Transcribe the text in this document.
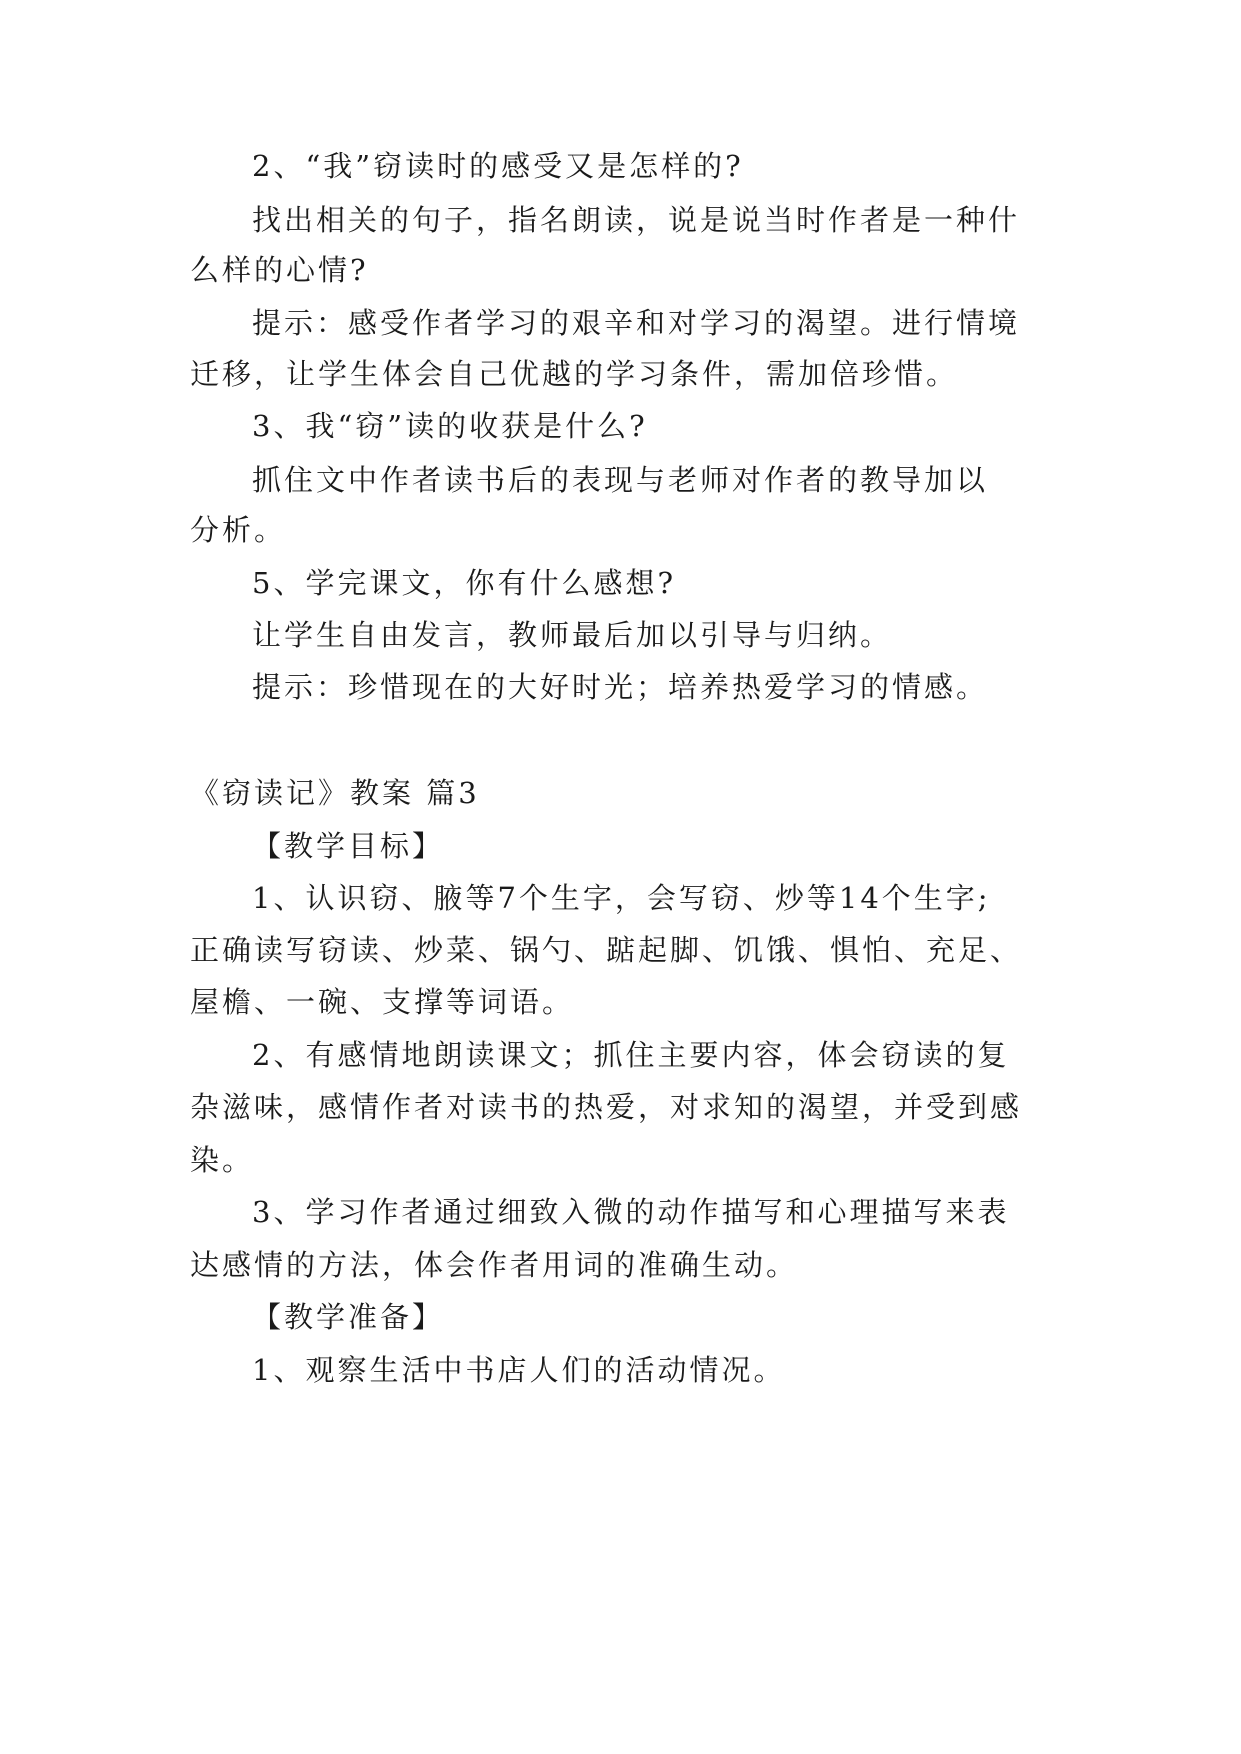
2、“我”窃读时的感受又是怎样的?
找出相关的句子，指名朗读，说是说当时作者是一种什
么样的心情?
提示：感受作者学习的艰辛和对学习的渴望。进行情境
迁移，让学生体会自己优越的学习条件，需加倍珍惜。
3、我“窃”读的收获是什么?
抓住文中作者读书后的表现与老师对作者的教导加以
分析。
5、学完课文，你有什么感想?
让学生自由发言，教师最后加以引导与归纳。
提示：珍惜现在的大好时光；培养热爱学习的情感。
《窃读记》教案 篇3
【教学目标】
1、认识窃、腋等7个生字，会写窃、炒等14个生字;
正确读写窃读、炒菜、锅勺、踮起脚、饥饿、惧怕、充足、
屋檐、一碗、支撑等词语。
2、有感情地朗读课文；抓住主要内容，体会窃读的复
杂滋味，感情作者对读书的热爱，对求知的渴望，并受到感
染。
3、学习作者通过细致入微的动作描写和心理描写来表
达感情的方法，体会作者用词的准确生动。
【教学准备】
1、观察生活中书店人们的活动情况。
